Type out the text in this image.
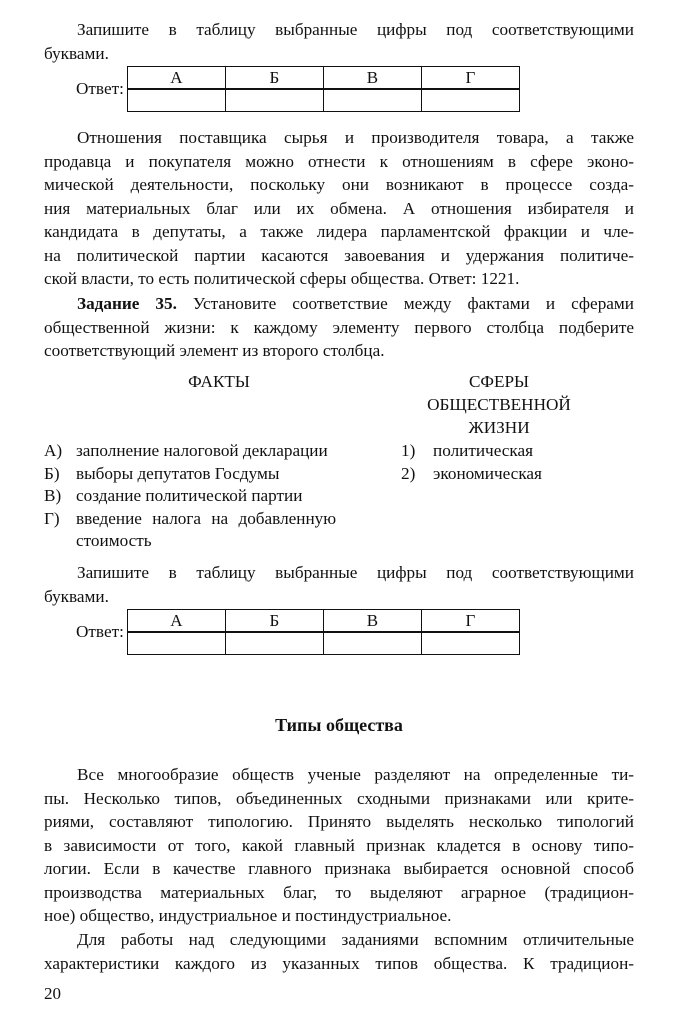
Запишите в таблицу выбранные цифры под соответствующими
буквами.
Ответ:
А	Б	В	Г

Отношения поставщика сырья и производителя товара, а также
продавца и покупателя можно отнести к отношениям в сфере эконо-
мической деятельности, поскольку они возникают в процессе созда-
ния материальных благ или их обмена. А отношения избирателя и
кандидата в депутаты, а также лидера парламентской фракции и чле-
на политической партии касаются завоевания и удержания политиче-
ской власти, то есть политической сферы общества. Ответ: 1221.
Задание 35. Установите соответствие между фактами и сферами
общественной жизни: к каждому элементу первого столбца подберите
соответствующий элемент из второго столбца.
ФАКТЫ	СФЕРЫ
ОБЩЕСТВЕННОЙ
ЖИЗНИ
А) заполнение налоговой декларации
Б) выборы депутатов Госдумы
В) создание политической партии
Г) введение налога на добавленную
стоимость
1)	политическая
2)	экономическая
Запишите в таблицу выбранные цифры под соответствующими
буквами.
Ответ:
А	Б	В	Г

Типы общества
Все многообразие обществ ученые разделяют на определенные ти-
пы. Несколько типов, объединенных сходными признаками или крите-
риями, составляют типологию. Принято выделять несколько типологий
в зависимости от того, какой главный признак кладется в основу типо-
логии. Если в качестве главного признака выбирается основной способ
производства материальных благ, то выделяют аграрное (традицион-
ное) общество, индустриальное и постиндустриальное.
Для работы над следующими заданиями вспомним отличительные
характеристики каждого из указанных типов общества. К традицион-
20
